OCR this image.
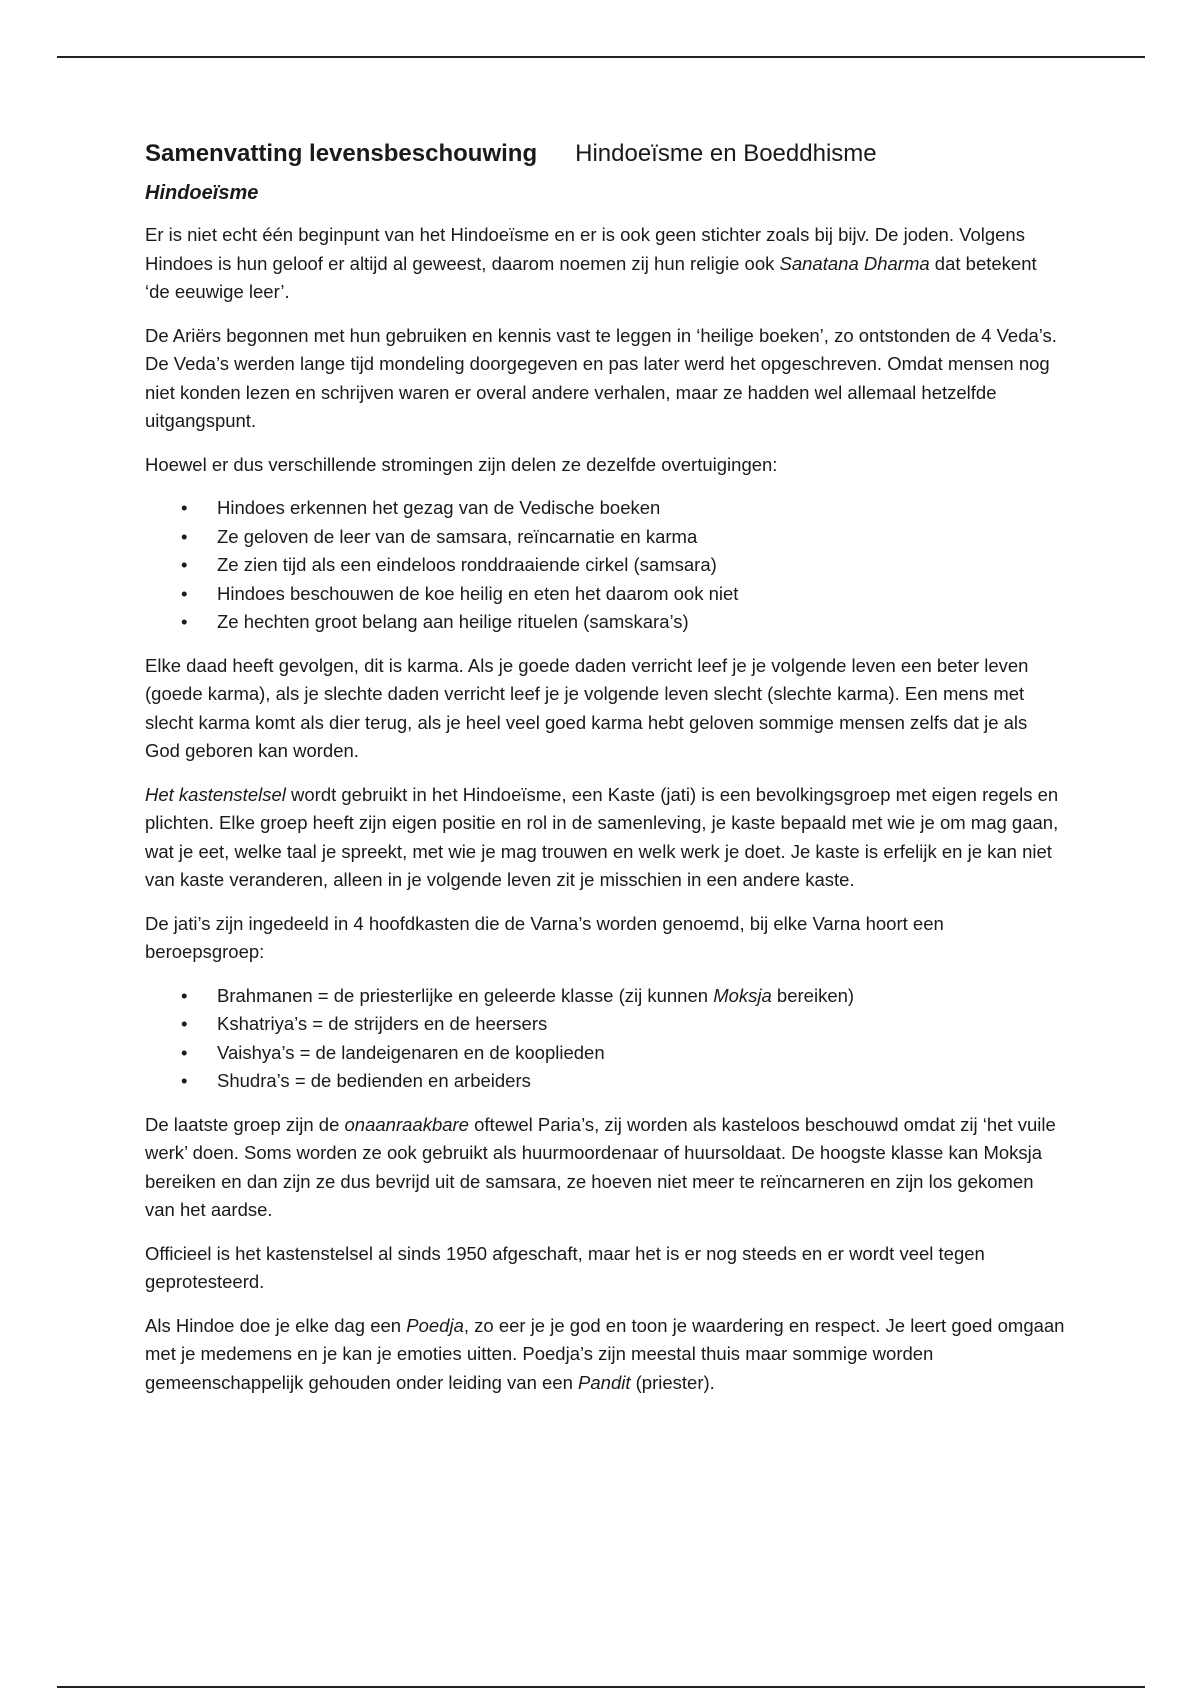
Samenvatting levensbeschouwing Hindoeïsme en Boeddhisme
Hindoeïsme

Er is niet echt één beginpunt van het Hindoeïsme en er is ook geen stichter zoals bij bijv. De joden. Volgens Hindoes is hun geloof er altijd al geweest, daarom noemen zij hun religie ook Sanatana Dharma dat betekent ‘de eeuwige leer’.

De Ariërs begonnen met hun gebruiken en kennis vast te leggen in ‘heilige boeken’, zo ontstonden de 4 Veda’s. De Veda’s werden lange tijd mondeling doorgegeven en pas later werd het opgeschreven. Omdat mensen nog niet konden lezen en schrijven waren er overal andere verhalen, maar ze hadden wel allemaal hetzelfde uitgangspunt.

Hoewel er dus verschillende stromingen zijn delen ze dezelfde overtuigingen:

• Hindoes erkennen het gezag van de Vedische boeken
• Ze geloven de leer van de samsara, reïncarnatie en karma
• Ze zien tijd als een eindeloos ronddraaiende cirkel (samsara)
• Hindoes beschouwen de koe heilig en eten het daarom ook niet
• Ze hechten groot belang aan heilige rituelen (samskara’s)

Elke daad heeft gevolgen, dit is karma. Als je goede daden verricht leef je je volgende leven een beter leven (goede karma), als je slechte daden verricht leef je je volgende leven slecht (slechte karma). Een mens met slecht karma komt als dier terug, als je heel veel goed karma hebt geloven sommige mensen zelfs dat je als God geboren kan worden.

Het kastenstelsel wordt gebruikt in het Hindoeïsme, een Kaste (jati) is een bevolkingsgroep met eigen regels en plichten. Elke groep heeft zijn eigen positie en rol in de samenleving, je kaste bepaald met wie je om mag gaan, wat je eet, welke taal je spreekt, met wie je mag trouwen en welk werk je doet. Je kaste is erfelijk en je kan niet van kaste veranderen, alleen in je volgende leven zit je misschien in een andere kaste.

De jati’s zijn ingedeeld in 4 hoofdkasten die de Varna’s worden genoemd, bij elke Varna hoort een beroepsgroep:

• Brahmanen = de priesterlijke en geleerde klasse (zij kunnen Moksja bereiken)
• Kshatriya’s = de strijders en de heersers
• Vaishya’s = de landeigenaren en de kooplieden
• Shudra’s = de bedienden en arbeiders

De laatste groep zijn de onaanraakbare oftewel Paria’s, zij worden als kasteloos beschouwd omdat zij ‘het vuile werk’ doen. Soms worden ze ook gebruikt als huurmoordenaar of huursoldaat. De hoogste klasse kan Moksja bereiken en dan zijn ze dus bevrijd uit de samsara, ze hoeven niet meer te reïncarneren en zijn los gekomen van het aardse.

Officieel is het kastenstelsel al sinds 1950 afgeschaft, maar het is er nog steeds en er wordt veel tegen geprotesteerd.

Als Hindoe doe je elke dag een Poedja, zo eer je je god en toon je waardering en respect. Je leert goed omgaan met je medemens en je kan je emoties uitten. Poedja’s zijn meestal thuis maar sommige worden gemeenschappelijk gehouden onder leiding van een Pandit (priester).
